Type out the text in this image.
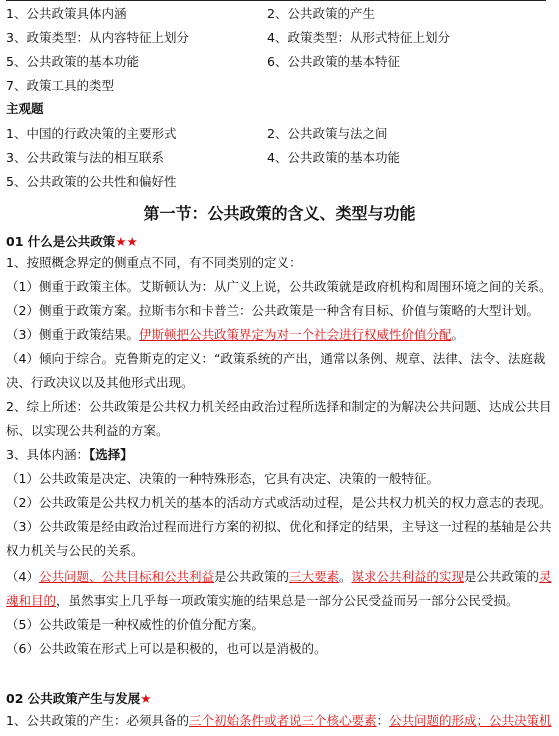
1、公共政策具体内涵	2、公共政策的产生
3、政策类型：从内容特征上划分	4、政策类型：从形式特征上划分
5、公共政策的基本功能	6、公共政策的基本特征
7、政策工具的类型
主观题
1、中国的行政决策的主要形式	2、公共政策与法之间
3、公共政策与法的相互联系	4、公共政策的基本功能
5、公共政策的公共性和偏好性
第一节：公共政策的含义、类型与功能
01 什么是公共政策★★
1、按照概念界定的侧重点不同，有不同类别的定义：
（1）侧重于政策主体。艾斯顿认为：从广义上说，公共政策就是政府机构和周围环境之间的关系。
（2）侧重于政策方案。拉斯韦尔和卡普兰：公共政策是一种含有目标、价值与策略的大型计划。
（3）侧重于政策结果。伊斯顿把公共政策界定为对一个社会进行权威性价值分配。
（4）倾向于综合。克鲁斯克的定义：“政策系统的产出，通常以条例、规章、法律、法令、法庭裁
决、行政决议以及其他形式出现。
2、综上所述：公共政策是公共权力机关经由政治过程所选择和制定的为解决公共问题、达成公共目
标、以实现公共利益的方案。
3、具体内涵：【选择】
（1）公共政策是决定、决策的一种特殊形态，它具有决定、决策的一般特征。
（2）公共政策是公共权力机关的基本的活动方式或活动过程，是公共权力机关的权力意志的表现。
（3）公共政策是经由政治过程而进行方案的初拟、优化和择定的结果，主导这一过程的基轴是公共
权力机关与公民的关系。
（4）公共问题、公共目标和公共利益是公共政策的三大要素。谋求公共利益的实现是公共政策的灵
魂和目的，虽然事实上几乎每一项政策实施的结果总是一部分公民受益而另一部分公民受损。
（5）公共政策是一种权威性的价值分配方案。
（6）公共政策在形式上可以是积极的，也可以是消极的。
02 公共政策产生与发展★
1、公共政策的产生：必须具备的三个初始条件或者说三个核心要素：公共问题的形成；公共决策机
